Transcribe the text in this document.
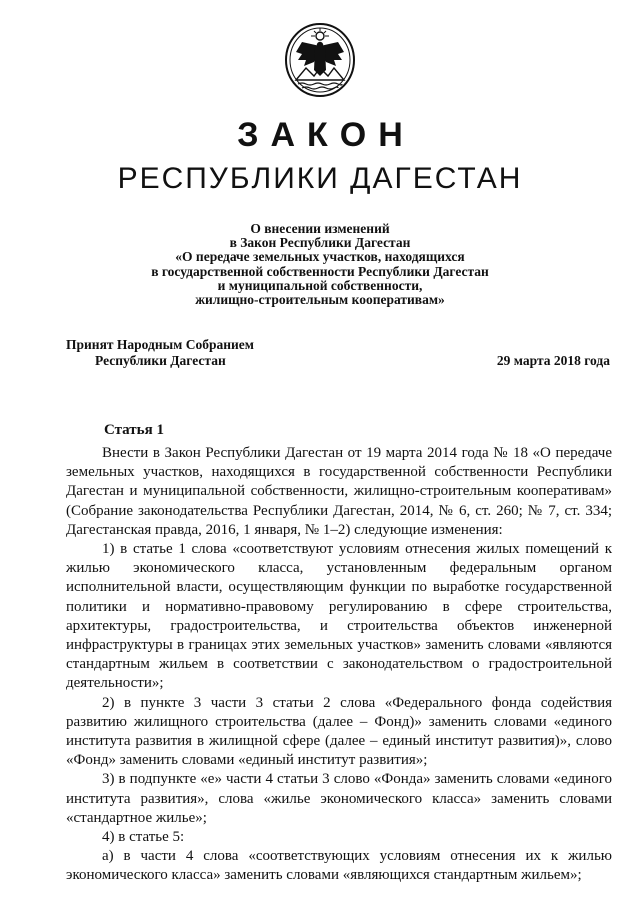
ЗАКОН
РЕСПУБЛИКИ ДАГЕСТАН
О внесении изменений
в Закон Республики Дагестан
«О передаче земельных участков, находящихся
в государственной собственности Республики Дагестан
и муниципальной собственности,
жилищно-строительным кооперативам»
Принят Народным Собранием
Республики Дагестан	29 марта 2018 года
Статья 1

Внести в Закон Республики Дагестан от 19 марта 2014 года № 18 «О передаче земельных участков, находящихся в государственной собственности Республики Дагестан и муниципальной собственности, жилищно-строительным кооперативам» (Собрание законодательства Республики Дагестан, 2014, № 6, ст. 260; № 7, ст. 334; Дагестанская правда, 2016, 1 января, № 1–2) следующие изменения:

1) в статье 1 слова «соответствуют условиям отнесения жилых помещений к жилью экономического класса, установленным федеральным органом исполнительной власти, осуществляющим функции по выработке государственной политики и нормативно-правовому регулированию в сфере строительства, архитектуры, градостроительства, и строительства объектов инженерной инфраструктуры в границах этих земельных участков» заменить словами «являются стандартным жильем в соответствии с законодательством о градостроительной деятельности»;

2) в пункте 3 части 3 статьи 2 слова «Федерального фонда содействия развитию жилищного строительства (далее – Фонд)» заменить словами «единого института развития в жилищной сфере (далее – единый институт развития)», слово «Фонд» заменить словами «единый институт развития»;

3) в подпункте «е» части 4 статьи 3 слово «Фонда» заменить словами «единого института развития», слова «жилье экономического класса» заменить словами «стандартное жилье»;

4) в статье 5:

а) в части 4 слова «соответствующих условиям отнесения их к жилью экономического класса» заменить словами «являющихся стандартным жильем»;
